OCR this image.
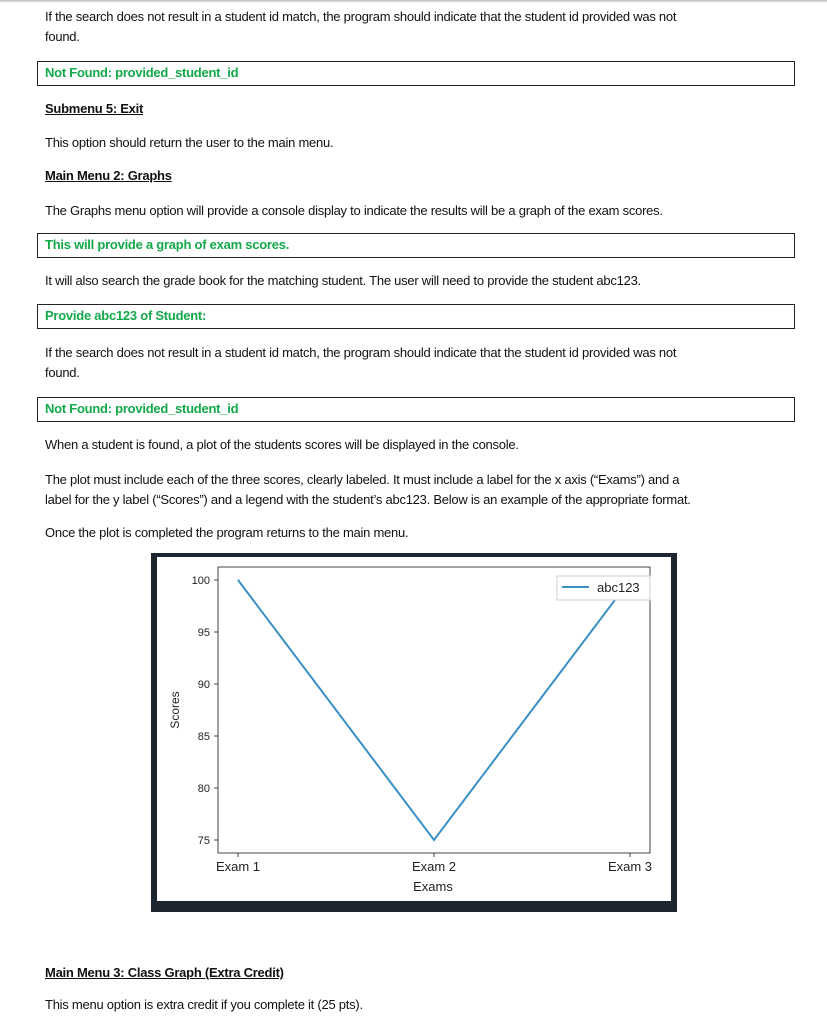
If the search does not result in a student id match, the program should indicate that the student id provided was not
found.
Not Found: provided_student_id
Submenu 5: Exit
This option should return the user to the main menu.
Main Menu 2: Graphs
The Graphs menu option will provide a console display to indicate the results will be a graph of the exam scores.
This will provide a graph of exam scores.
It will also search the grade book for the matching student. The user will need to provide the student abc123.
Provide abc123 of Student:
If the search does not result in a student id match, the program should indicate that the student id provided was not
found.
Not Found: provided_student_id
When a student is found, a plot of the students scores will be displayed in the console.
The plot must include each of the three scores, clearly labeled. It must include a label for the x axis (“Exams”) and a
label for the y label (“Scores”) and a legend with the student’s abc123. Below is an example of the appropriate format.
Once the plot is completed the program returns to the main menu.
75
80
85
90
95
100
Exam 1	Exam 2	Exam 3
Exams
Scores
abc123
Main Menu 3: Class Graph (Extra Credit)
This menu option is extra credit if you complete it (25 pts).
